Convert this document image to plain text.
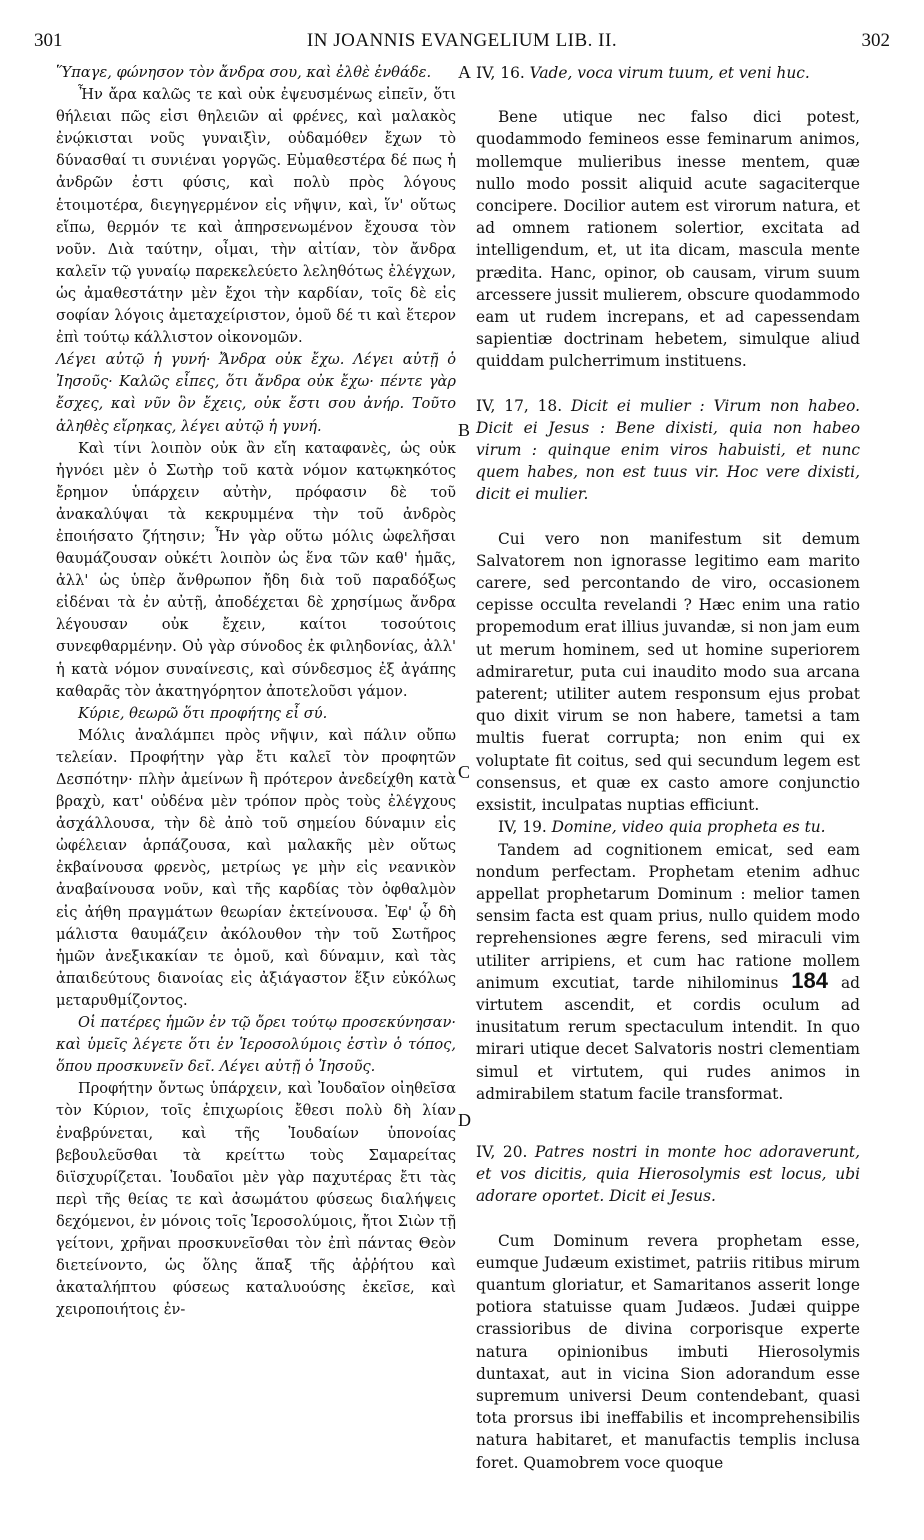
301	IN JOANNIS EVANGELIUM LIB. II.	302
A
B
C
D

Ὕπαγε, φώνησον τὸν ἄνδρα σου, καὶ ἐλθὲ ἐνθάδε.

Ἦν ἄρα καλῶς τε καὶ οὐκ ἐψευσμένως εἰπεῖν, ὅτι θήλειαι πῶς εἰσι θηλειῶν αἱ φρένες, καὶ μαλακὸς ἐνῴκισται νοῦς γυναιξὶν, οὐδαμόθεν ἔχων τὸ δύνασθαί τι συνιέναι γοργῶς. Εὐμαθεστέρα δέ πως ἡ ἀνδρῶν ἐστι φύσις, καὶ πολὺ πρὸς λόγους ἑτοιμοτέρα, διεγηγερμένον εἰς νῆψιν, καὶ, ἵν' οὕτως εἴπω, θερμόν τε καὶ ἀπηρσενωμένον ἔχουσα τὸν νοῦν. Διὰ ταύτην, οἶμαι, τὴν αἰτίαν, τὸν ἄνδρα καλεῖν τῷ γυναίῳ παρεκελεύετο λεληθότως ἐλέγχων, ὡς ἀμαθεστάτην μὲν ἔχοι τὴν καρδίαν, τοῖς δὲ εἰς σοφίαν λόγοις ἀμεταχείριστον, ὁμοῦ δέ τι καὶ ἕτερον ἐπὶ τούτῳ κάλλιστον οἰκονομῶν.

Λέγει αὐτῷ ἡ γυνή· Ἄνδρα οὐκ ἔχω. Λέγει αὐτῇ ὁ Ἰησοῦς· Καλῶς εἶπες, ὅτι ἄνδρα οὐκ ἔχω· πέντε γὰρ ἔσχες, καὶ νῦν ὃν ἔχεις, οὐκ ἔστι σου ἀνήρ. Τοῦτο ἀληθὲς εἴρηκας, λέγει αὐτῷ ἡ γυνή.

Καὶ τίνι λοιπὸν οὐκ ἂν εἴη καταφανὲς, ὡς οὐκ ἠγνόει μὲν ὁ Σωτὴρ τοῦ κατὰ νόμον κατῳκηκότος ἔρημον ὑπάρχειν αὐτὴν, πρόφασιν δὲ τοῦ ἀνακαλύψαι τὰ κεκρυμμένα τὴν τοῦ ἀνδρὸς ἐποιήσατο ζήτησιν; Ἦν γὰρ οὕτω μόλις ὠφελῆσαι θαυμάζουσαν οὐκέτι λοιπὸν ὡς ἕνα τῶν καθ' ἡμᾶς, ἀλλ' ὡς ὑπὲρ ἄνθρωπον ἤδη διὰ τοῦ παραδόξως εἰδέναι τὰ ἐν αὐτῇ, ἀποδέχεται δὲ χρησίμως ἄνδρα λέγουσαν οὐκ ἔχειν, καίτοι τοσούτοις συνεφθαρμένην. Οὐ γὰρ σύνοδος ἐκ φιληδονίας, ἀλλ' ἡ κατὰ νόμον συναίνεσις, καὶ σύνδεσμος ἐξ ἀγάπης καθαρᾶς τὸν ἀκατηγόρητον ἀποτελοῦσι γάμον.

Κύριε, θεωρῶ ὅτι προφήτης εἶ σύ.

Μόλις ἀναλάμπει πρὸς νῆψιν, καὶ πάλιν οὔπω τελείαν. Προφήτην γὰρ ἔτι καλεῖ τὸν προφητῶν Δεσπότην· πλὴν ἀμείνων ἢ πρότερον ἀνεδείχθη κατὰ βραχὺ, κατ' οὐδένα μὲν τρόπον πρὸς τοὺς ἐλέγχους ἀσχάλλουσα, τὴν δὲ ἀπὸ τοῦ σημείου δύναμιν εἰς ὠφέλειαν ἁρπάζουσα, καὶ μαλακῆς μὲν οὕτως ἐκβαίνουσα φρενὸς, μετρίως γε μὴν εἰς νεανικὸν ἀναβαίνουσα νοῦν, καὶ τῆς καρδίας τὸν ὀφθαλμὸν εἰς ἀήθη πραγμάτων θεωρίαν ἐκτείνουσα. Ἐφ' ᾧ δὴ μάλιστα θαυμάζειν ἀκόλουθον τὴν τοῦ Σωτῆρος ἡμῶν ἀνεξικακίαν τε ὁμοῦ, καὶ δύναμιν, καὶ τὰς ἀπαιδεύτους διανοίας εἰς ἀξιάγαστον ἕξιν εὐκόλως μεταρυθμίζοντος.

Οἱ πατέρες ἡμῶν ἐν τῷ ὄρει τούτῳ προσεκύνησαν· καὶ ὑμεῖς λέγετε ὅτι ἐν Ἱεροσολύμοις ἐστὶν ὁ τόπος, ὅπου προσκυνεῖν δεῖ. Λέγει αὐτῇ ὁ Ἰησοῦς.

Προφήτην ὄντως ὑπάρχειν, καὶ Ἰουδαῖον οἰηθεῖσα τὸν Κύριον, τοῖς ἐπιχωρίοις ἔθεσι πολὺ δὴ λίαν ἐναβρύνεται, καὶ τῆς Ἰουδαίων ὑπονοίας βεβουλεῦσθαι τὰ κρείττω τοὺς Σαμαρείτας διϊσχυρίζεται. Ἰουδαῖοι μὲν γὰρ παχυτέρας ἔτι τὰς περὶ τῆς θείας τε καὶ ἀσωμάτου φύσεως διαλήψεις δεχόμενοι, ἐν μόνοις τοῖς Ἱεροσολύμοις, ἤτοι Σιὼν τῇ γείτονι, χρῆναι προσκυνεῖσθαι τὸν ἐπὶ πάντας Θεὸν διετείνοντο, ὡς ὅλης ἅπαξ τῆς ἀῤῥήτου καὶ ἀκαταλήπτου φύσεως καταλυούσης ἐκεῖσε, καὶ χειροποιήτοις ἐν-

IV, 16. Vade, voca virum tuum, et veni huc.

Bene utique nec falso dici potest, quodammodo femineos esse feminarum animos, mollemque mulieribus inesse mentem, quæ nullo modo possit aliquid acute sagaciterque concipere. Docilior autem est virorum natura, et ad omnem rationem solertior, excitata ad intelligendum, et, ut ita dicam, mascula mente prædita. Hanc, opinor, ob causam, virum suum arcessere jussit mulierem, obscure quodammodo eam ut rudem increpans, et ad capessendam sapientiæ doctrinam hebetem, simulque aliud quiddam pulcherrimum instituens.

IV, 17, 18. Dicit ei mulier : Virum non habeo. Dicit ei Jesus : Bene dixisti, quia non habeo virum : quinque enim viros habuisti, et nunc quem habes, non est tuus vir. Hoc vere dixisti, dicit ei mulier.

Cui vero non manifestum sit demum Salvatorem non ignorasse legitimo eam marito carere, sed percontando de viro, occasionem cepisse occulta revelandi ? Hæc enim una ratio propemodum erat illius juvandæ, si non jam eum ut merum hominem, sed ut homine superiorem admiraretur, puta cui inaudito modo sua arcana paterent; utiliter autem responsum ejus probat quo dixit virum se non habere, tametsi a tam multis fuerat corrupta; non enim qui ex voluptate fit coitus, sed qui secundum legem est consensus, et quæ ex casto amore conjunctio exsistit, inculpatas nuptias efficiunt.

IV, 19. Domine, video quia propheta es tu.

Tandem ad cognitionem emicat, sed eam nondum perfectam. Prophetam etenim adhuc appellat prophetarum Dominum : melior tamen sensim facta est quam prius, nullo quidem modo reprehensiones ægre ferens, sed miraculi vim utiliter arripiens, et cum hac ratione mollem animum excutiat, tarde nihilominus 184 ad virtutem ascendit, et cordis oculum ad inusitatum rerum spectaculum intendit. In quo mirari utique decet Salvatoris nostri clementiam simul et virtutem, qui rudes animos in admirabilem statum facile transformat.

IV, 20. Patres nostri in monte hoc adoraverunt, et vos dicitis, quia Hierosolymis est locus, ubi adorare oportet. Dicit ei Jesus.

Cum Dominum revera prophetam esse, eumque Judæum existimet, patriis ritibus mirum quantum gloriatur, et Samaritanos asserit longe potiora statuisse quam Judæos. Judæi quippe crassioribus de divina corporisque experte natura opinionibus imbuti Hierosolymis duntaxat, aut in vicina Sion adorandum esse supremum universi Deum contendebant, quasi tota prorsus ibi ineffabilis et incomprehensibilis natura habitaret, et manufactis templis inclusa foret. Quamobrem voce quoque
